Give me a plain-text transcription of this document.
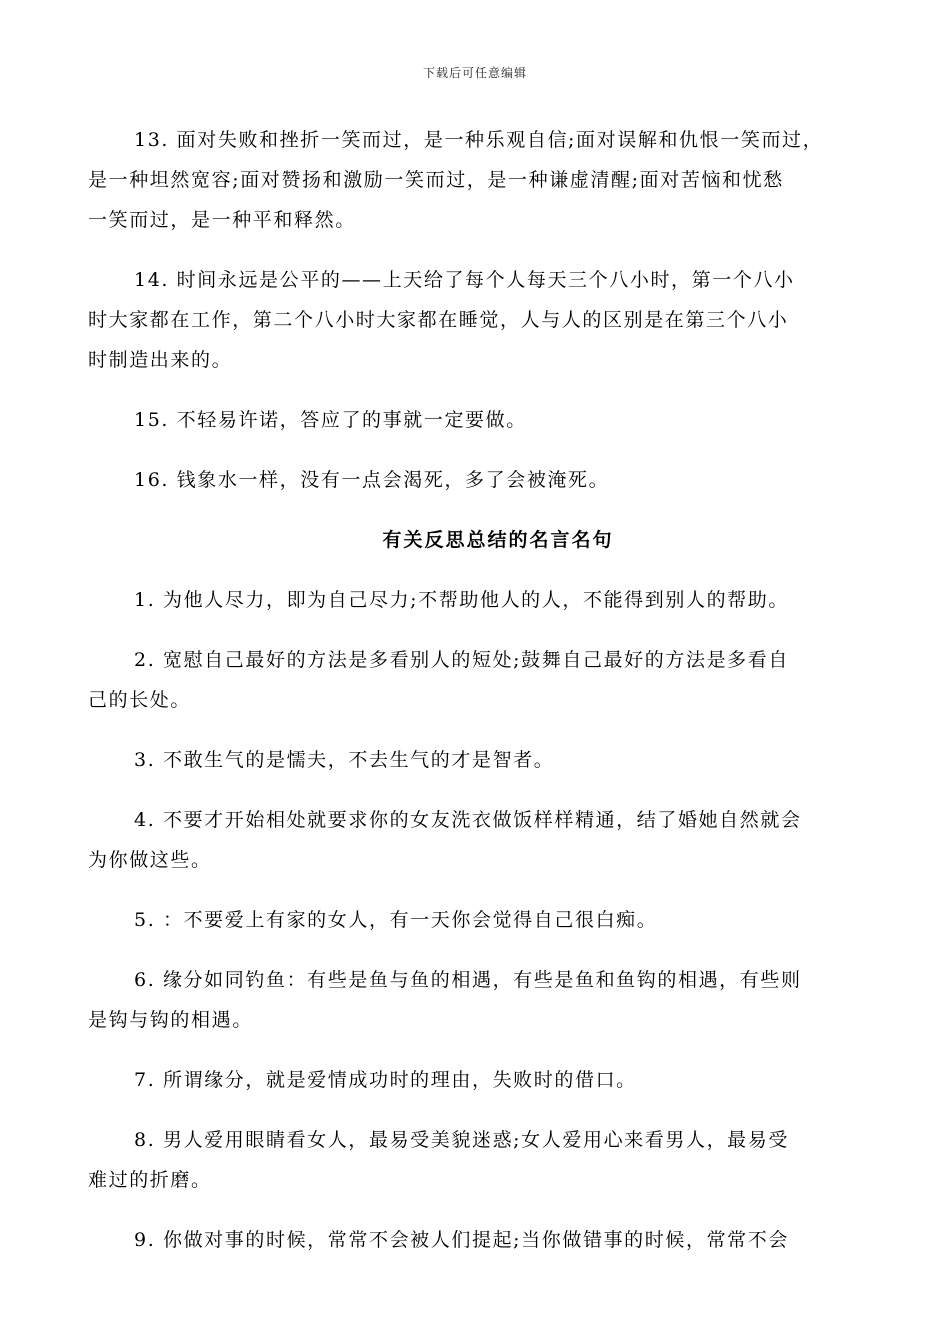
下载后可任意编辑

13. 面对失败和挫折一笑而过，是一种乐观自信;面对误解和仇恨一笑而过，
是一种坦然宽容;面对赞扬和激励一笑而过，是一种谦虚清醒;面对苦恼和忧愁
一笑而过，是一种平和释然。

14. 时间永远是公平的——上天给了每个人每天三个八小时，第一个八小
时大家都在工作，第二个八小时大家都在睡觉，人与人的区别是在第三个八小
时制造出来的。

15. 不轻易许诺，答应了的事就一定要做。

16. 钱象水一样，没有一点会渴死，多了会被淹死。

有关反思总结的名言名句

1. 为他人尽力，即为自己尽力;不帮助他人的人，不能得到别人的帮助。

2. 宽慰自己最好的方法是多看别人的短处;鼓舞自己最好的方法是多看自
己的长处。

3. 不敢生气的是懦夫，不去生气的才是智者。

4. 不要才开始相处就要求你的女友洗衣做饭样样精通，结了婚她自然就会
为你做这些。

5. ：不要爱上有家的女人，有一天你会觉得自己很白痴。

6. 缘分如同钓鱼：有些是鱼与鱼的相遇，有些是鱼和鱼钩的相遇，有些则
是钩与钩的相遇。

7. 所谓缘分，就是爱情成功时的理由，失败时的借口。

8. 男人爱用眼睛看女人，最易受美貌迷惑;女人爱用心来看男人，最易受
难过的折磨。

9. 你做对事的时候，常常不会被人们提起;当你做错事的时候，常常不会
